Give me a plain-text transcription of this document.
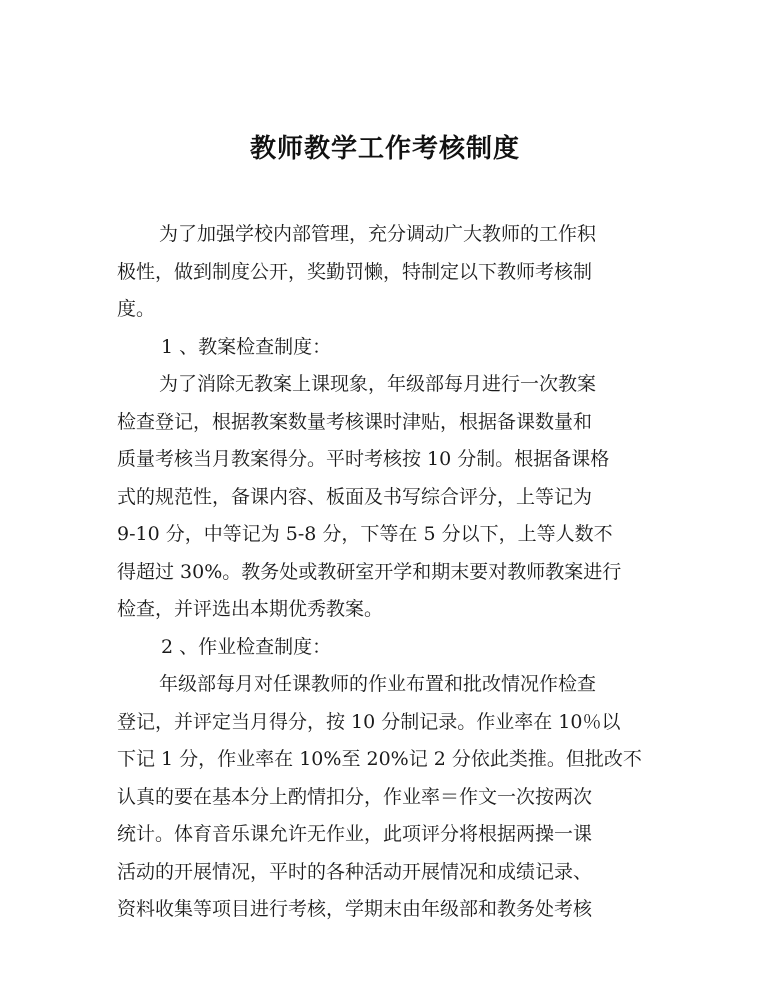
教师教学工作考核制度
为了加强学校内部管理，充分调动广大教师的工作积
极性，做到制度公开，奖勤罚懒，特制定以下教师考核制
度。
1 、教案检查制度：
为了消除无教案上课现象，年级部每月进行一次教案
检查登记，根据教案数量考核课时津贴，根据备课数量和
质量考核当月教案得分。平时考核按 10 分制。根据备课格
式的规范性，备课内容、板面及书写综合评分，上等记为
9-10 分，中等记为 5-8 分，下等在 5 分以下，上等人数不
得超过 30%。教务处或教研室开学和期末要对教师教案进行
检查，并评选出本期优秀教案。
2 、作业检查制度：
年级部每月对任课教师的作业布置和批改情况作检查
登记，并评定当月得分，按 10 分制记录。作业率在 10％以
下记 1 分，作业率在 10%至 20%记 2 分依此类推。但批改不
认真的要在基本分上酌情扣分，作业率＝作文一次按两次
统计。体育音乐课允许无作业，此项评分将根据两操一课
活动的开展情况，平时的各种活动开展情况和成绩记录、
资料收集等项目进行考核，学期末由年级部和教务处考核
